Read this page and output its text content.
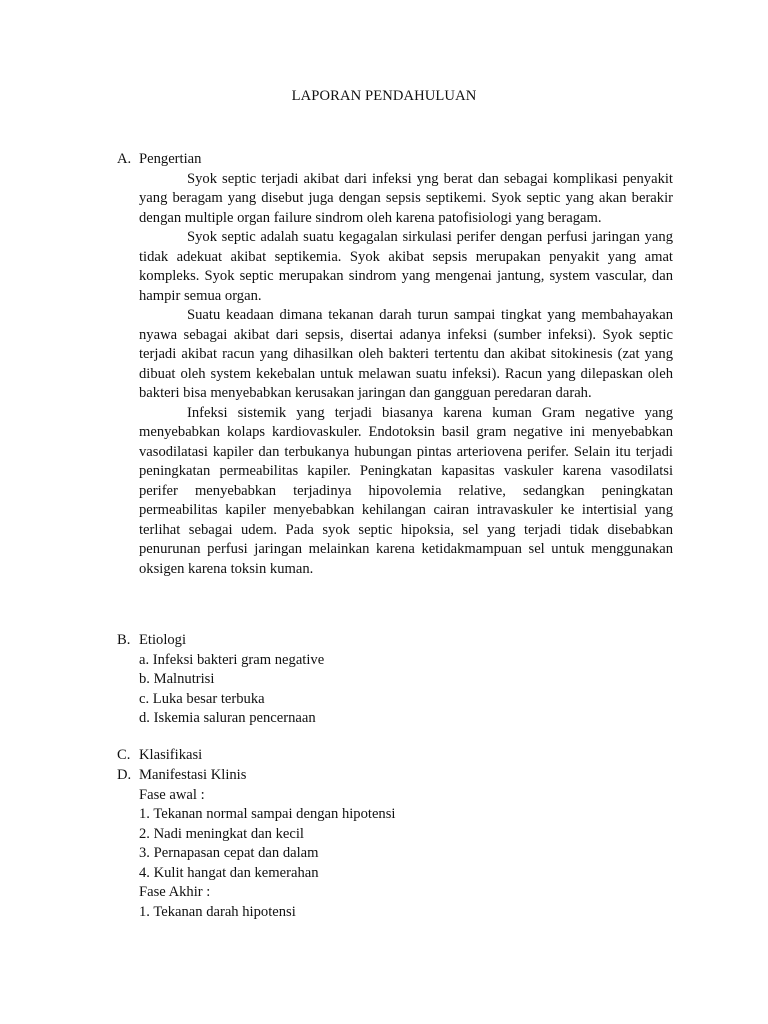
LAPORAN PENDAHULUAN
A. Pengertian

Syok septic terjadi akibat dari infeksi yng berat dan sebagai komplikasi penyakit yang beragam yang disebut juga dengan sepsis septikemi. Syok septic yang akan berakir dengan multiple organ failure sindrom oleh karena patofisiologi yang beragam.

Syok septic adalah suatu kegagalan sirkulasi perifer dengan perfusi jaringan yang tidak adekuat akibat septikemia. Syok akibat sepsis merupakan penyakit yang amat kompleks. Syok septic merupakan sindrom yang mengenai jantung, system vascular, dan hampir semua organ.

Suatu keadaan dimana tekanan darah turun sampai tingkat yang membahayakan nyawa sebagai akibat dari sepsis, disertai adanya infeksi (sumber infeksi). Syok septic terjadi akibat racun yang dihasilkan oleh bakteri tertentu dan akibat sitokinesis (zat yang dibuat oleh system kekebalan untuk melawan suatu infeksi). Racun yang dilepaskan oleh bakteri bisa menyebabkan kerusakan jaringan dan gangguan peredaran darah.

Infeksi sistemik yang terjadi biasanya karena kuman Gram negative yang menyebabkan kolaps kardiovaskuler. Endotoksin basil gram negative ini menyebabkan vasodilatasi kapiler dan terbukanya hubungan pintas arteriovena perifer. Selain itu terjadi peningkatan permeabilitas kapiler. Peningkatan kapasitas vaskuler karena vasodilatsi perifer menyebabkan terjadinya hipovolemia relative, sedangkan peningkatan permeabilitas kapiler menyebabkan kehilangan cairan intravaskuler ke intertisial yang terlihat sebagai udem. Pada syok septic hipoksia, sel yang terjadi tidak disebabkan penurunan perfusi jaringan melainkan karena ketidakmampuan sel untuk menggunakan oksigen karena toksin kuman.

B. Etiologi
a. Infeksi bakteri gram negative
b. Malnutrisi
c. Luka besar terbuka
d. Iskemia saluran pencernaan
C. Klasifikasi
D. Manifestasi Klinis
Fase awal :
1. Tekanan normal sampai dengan hipotensi
2. Nadi meningkat dan kecil
3. Pernapasan cepat dan dalam
4. Kulit hangat dan kemerahan
Fase Akhir :
1. Tekanan darah hipotensi
